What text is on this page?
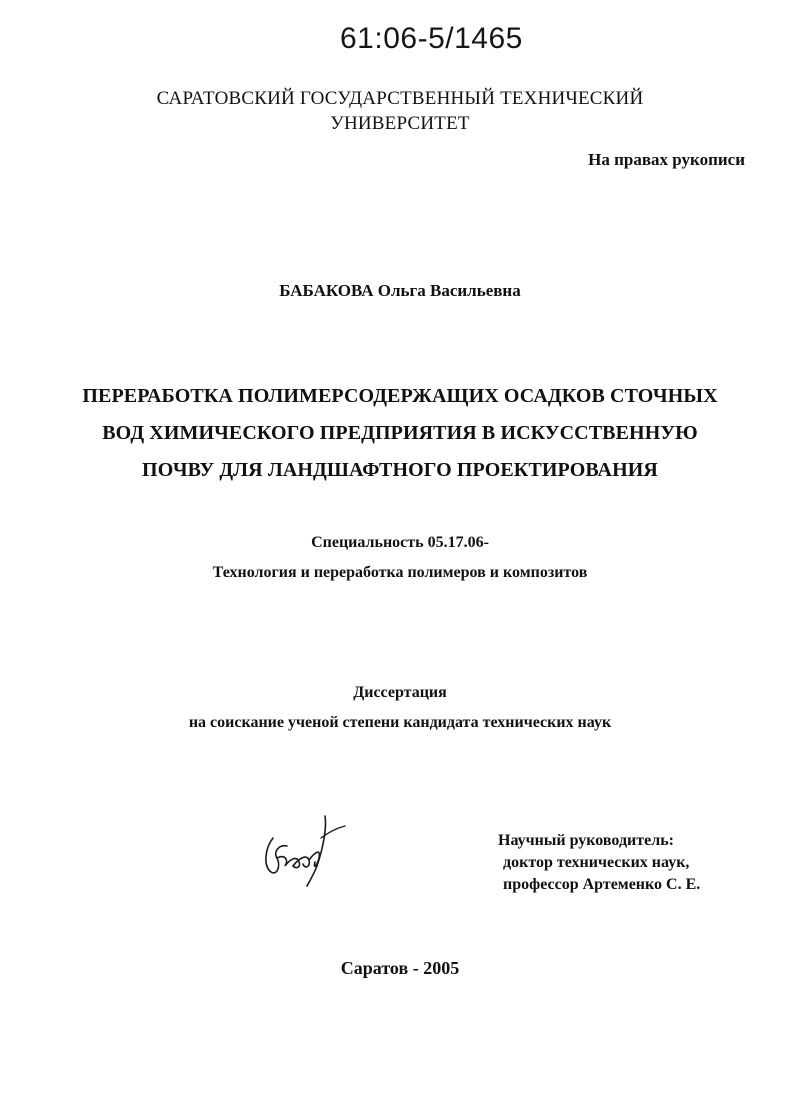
61:06-5/1465
САРАТОВСКИЙ ГОСУДАРСТВЕННЫЙ ТЕХНИЧЕСКИЙ
УНИВЕРСИТЕТ
На правах рукописи
БАБАКОВА Ольга Васильевна
ПЕРЕРАБОТКА ПОЛИМЕРСОДЕРЖАЩИХ ОСАДКОВ СТОЧНЫХ
ВОД ХИМИЧЕСКОГО ПРЕДПРИЯТИЯ В ИСКУССТВЕННУЮ
ПОЧВУ ДЛЯ ЛАНДШАФТНОГО ПРОЕКТИРОВАНИЯ
Специальность 05.17.06-
Технология и переработка полимеров и композитов
Диссертация
на соискание ученой степени кандидата технических наук
Научный руководитель:
доктор технических наук,
профессор Артеменко С. Е.
Саратов - 2005
